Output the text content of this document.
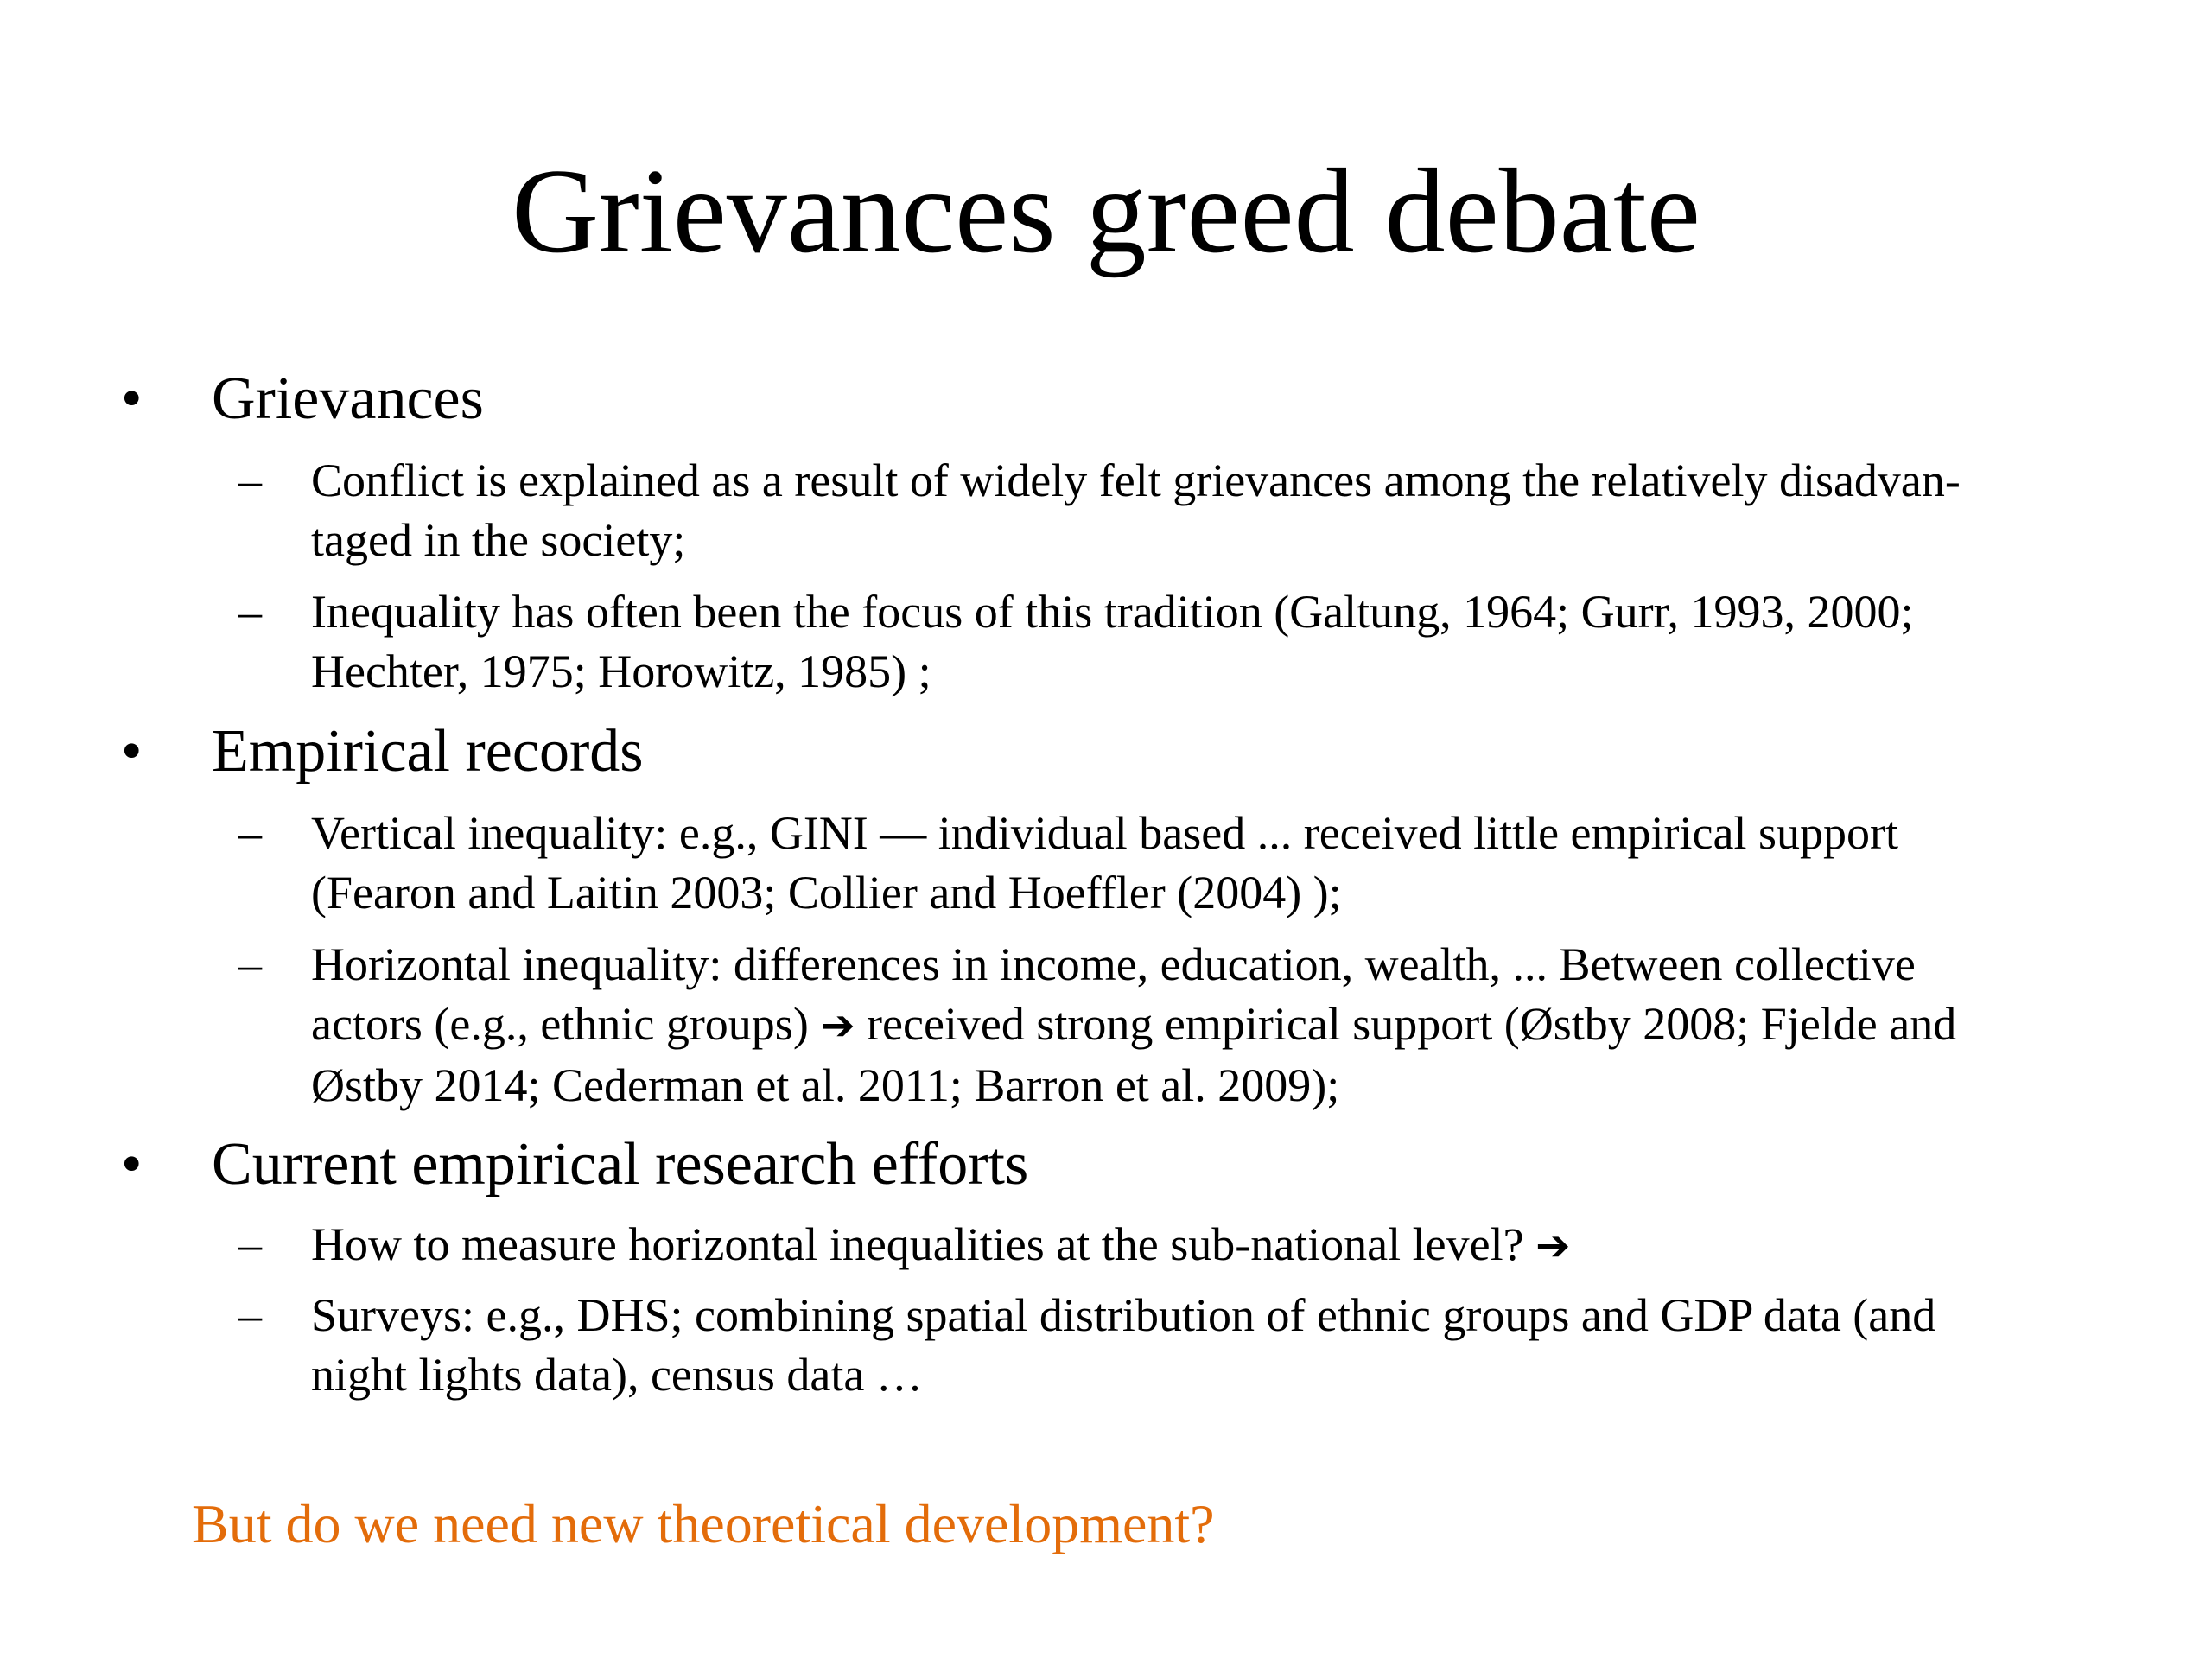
Grievances greed debate
•	Grievances
–	Conflict is explained as a result of widely felt grievances among the relatively disadvan-
taged in the society;
–	Inequality has often been the focus of this tradition (Galtung, 1964; Gurr, 1993, 2000;
Hechter, 1975; Horowitz, 1985) ;
•	Empirical records
–	Vertical inequality: e.g., GINI — individual based ... received little empirical support
(Fearon and Laitin 2003; Collier and Hoeffler (2004) );
–	Horizontal inequality: differences in income, education, wealth, ... Between collective
actors (e.g., ethnic groups) ➔ received strong empirical support (Østby 2008; Fjelde and
Østby 2014; Cederman et al. 2011; Barron et al. 2009);
•	Current empirical research efforts
–	How to measure horizontal inequalities at the sub-national level? ➔
–	Surveys: e.g., DHS; combining spatial distribution of ethnic groups and GDP data (and
night lights data), census data …
But do we need new theoretical development?
